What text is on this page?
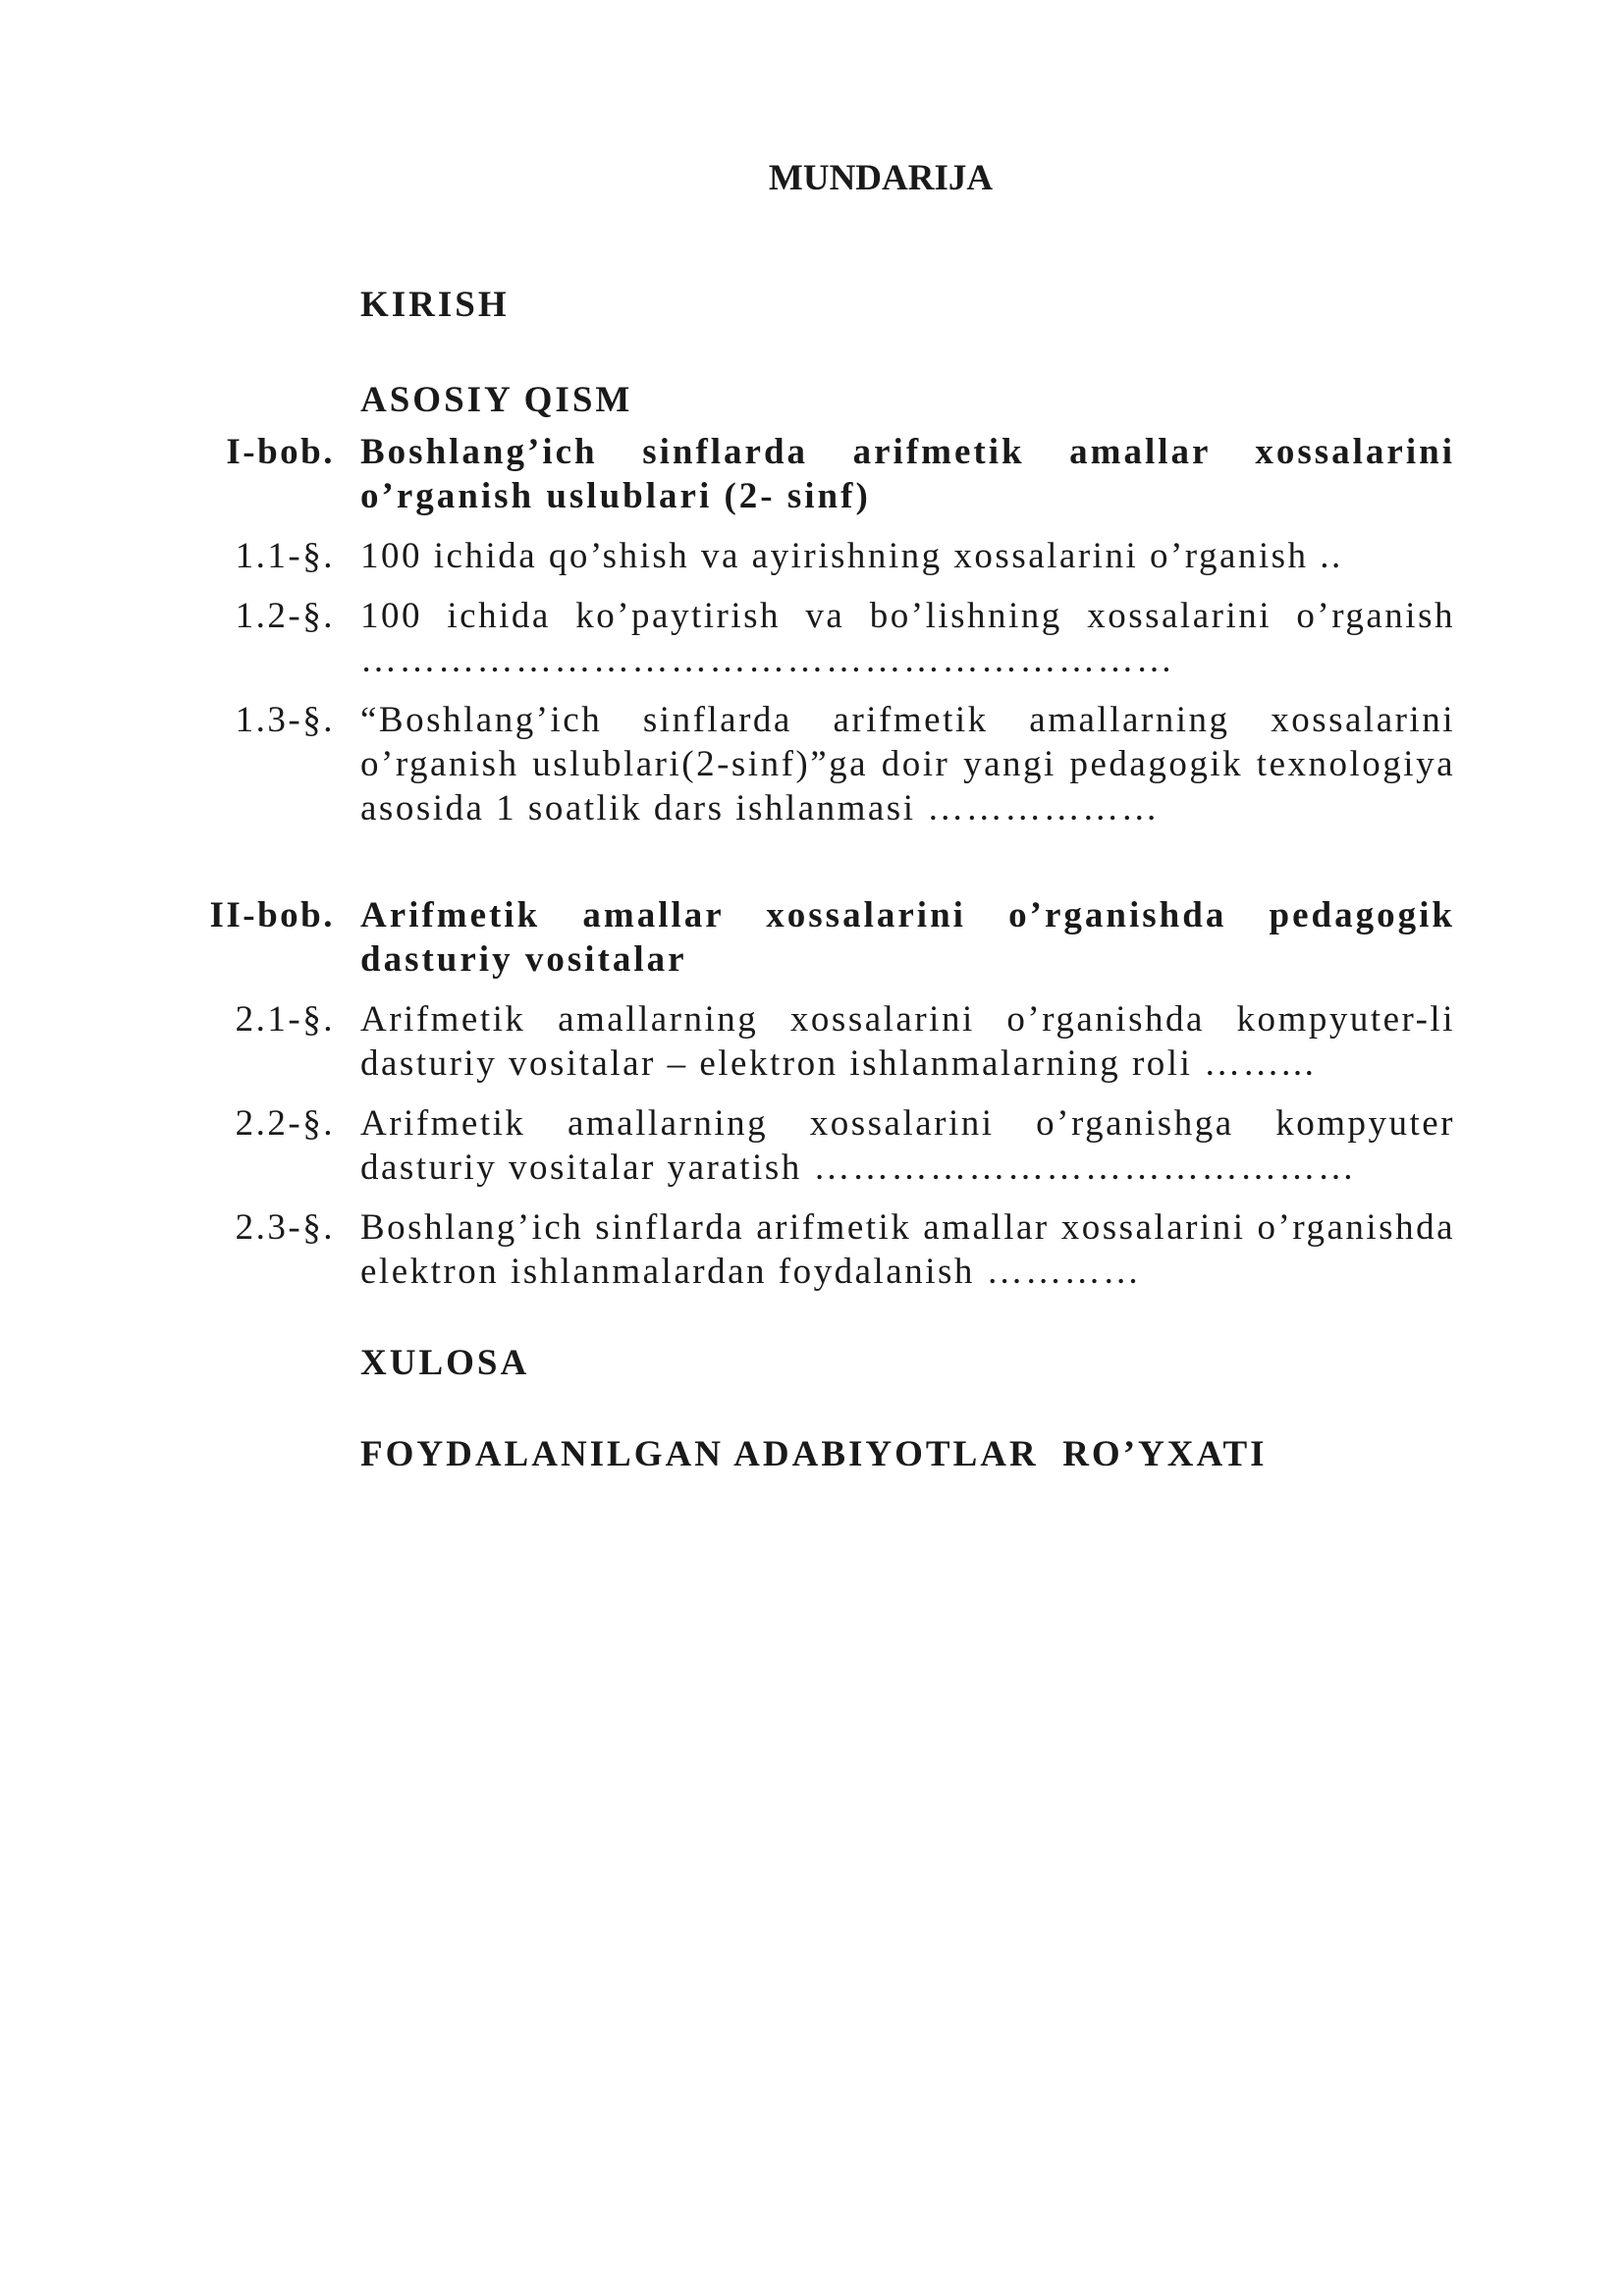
MUNDARIJA
KIRISH
ASOSIY QISM
I-bob. Boshlang’ich sinflarda arifmetik amallar xossalarini o’rganish uslublari (2- sinf)
1.1-§. 100 ichida qo’shish va ayirishning xossalarini o’rganish ..
1.2-§. 100 ichida ko’paytirish va bo’lishning xossalarini o’rganish ………………………………………………………
1.3-§. “Boshlang’ich sinflarda arifmetik amallarning xossalarini o’rganish uslublari(2-sinf)”ga doir yangi pedagogik texnologiya asosida 1 soatlik dars ishlanmasi ………………
II-bob. Arifmetik amallar xossalarini o’rganishda pedagogik dasturiy vositalar
2.1-§. Arifmetik amallarning xossalarini o’rganishda kompyuter-li dasturiy vositalar – elektron ishlanmalarning roli ……...
2.2-§. Arifmetik amallarning xossalarini o’rganishga kompyuter dasturiy vositalar yaratish ……………………………………
2.3-§. Boshlang’ich sinflarda arifmetik amallar xossalarini o’rganishda elektron ishlanmalardan foydalanish …………
XULOSA
FOYDALANILGAN ADABIYOTLAR  RO’YXATI
